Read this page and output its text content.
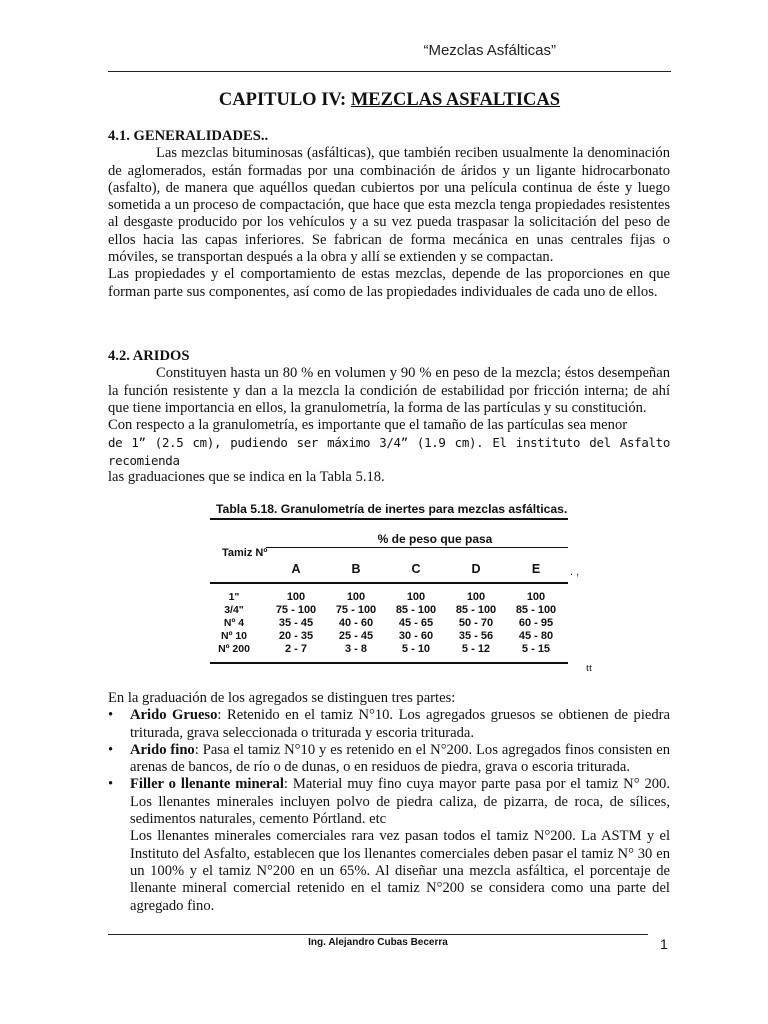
“Mezclas Asfálticas”
CAPITULO IV: MEZCLAS ASFALTICAS
4.1. GENERALIDADES..

Las mezclas bituminosas (asfálticas), que también reciben usualmente la denominación de aglomerados, están formadas por una combinación de áridos y un ligante hidrocarbonato (asfalto), de manera que aquéllos quedan cubiertos por una película continua de éste y luego sometida a un proceso de compactación, que hace que esta mezcla tenga propiedades resistentes al desgaste producido por los vehículos y a su vez pueda traspasar la solicitación del peso de ellos hacia las capas inferiores. Se fabrican de forma mecánica en unas centrales fijas o móviles, se transportan después a la obra y allí se extienden y se compactan.

Las propiedades y el comportamiento de estas mezclas, depende de las proporciones en que forman parte sus componentes, así como de las propiedades individuales de cada uno de ellos.

4.2. ARIDOS

Constituyen hasta un 80 % en volumen y 90 % en peso de la mezcla; éstos desempeñan la función resistente y dan a la mezcla la condición de estabilidad por fricción interna; de ahí que tiene importancia en ellos, la granulometría, la forma de las partículas y su constitución.

Con respecto a la granulometría, es importante que el tamaño de las partículas sea menor

de 1” (2.5 cm), pudiendo ser máximo 3/4” (1.9 cm). El instituto del Asfalto recomienda

las graduaciones que se indica en la Tabla 5.18.

Tabla 5.18. Granulometría de inertes para mezclas asfálticas.
% de peso que pasa
Tamiz Nº
A	B	C	D	E
1"	100	100	100	100	100
3/4"	75 - 100	75 - 100	85 - 100	85 - 100	85 - 100
Nº 4	35 - 45	40 - 60	45 - 65	50 - 70	60 - 95
Nº 10	20 - 35	25 - 45	30 - 60	35 - 56	45 - 80
Nº 200	2 - 7	3 - 8	5 - 10	5 - 12	5 - 15
. ,
tt

En la graduación de los agregados se distinguen tres partes:

• Arido Grueso: Retenido en el tamiz N°10. Los agregados gruesos se obtienen de piedra triturada, grava seleccionada o triturada y escoria triturada.
• Arido fino: Pasa el tamiz N°10 y es retenido en el N°200. Los agregados finos consisten en arenas de bancos, de río o de dunas, o en residuos de piedra, grava o escoria triturada.
• Filler o llenante mineral: Material muy fino cuya mayor parte pasa por el tamiz N° 200. Los llenantes minerales incluyen polvo de piedra caliza, de pizarra, de roca, de sílices, sedimentos naturales, cemento Pórtland. etc

Los llenantes minerales comerciales rara vez pasan todos el tamiz N°200. La ASTM y el Instituto del Asfalto, establecen que los llenantes comerciales deben pasar el tamiz N° 30 en un 100% y el tamiz N°200 en un 65%. Al diseñar una mezcla asfáltica, el porcentaje de llenante mineral comercial retenido en el tamiz N°200 se considera como una parte del agregado fino.

Ing. Alejandro Cubas Becerra	1
